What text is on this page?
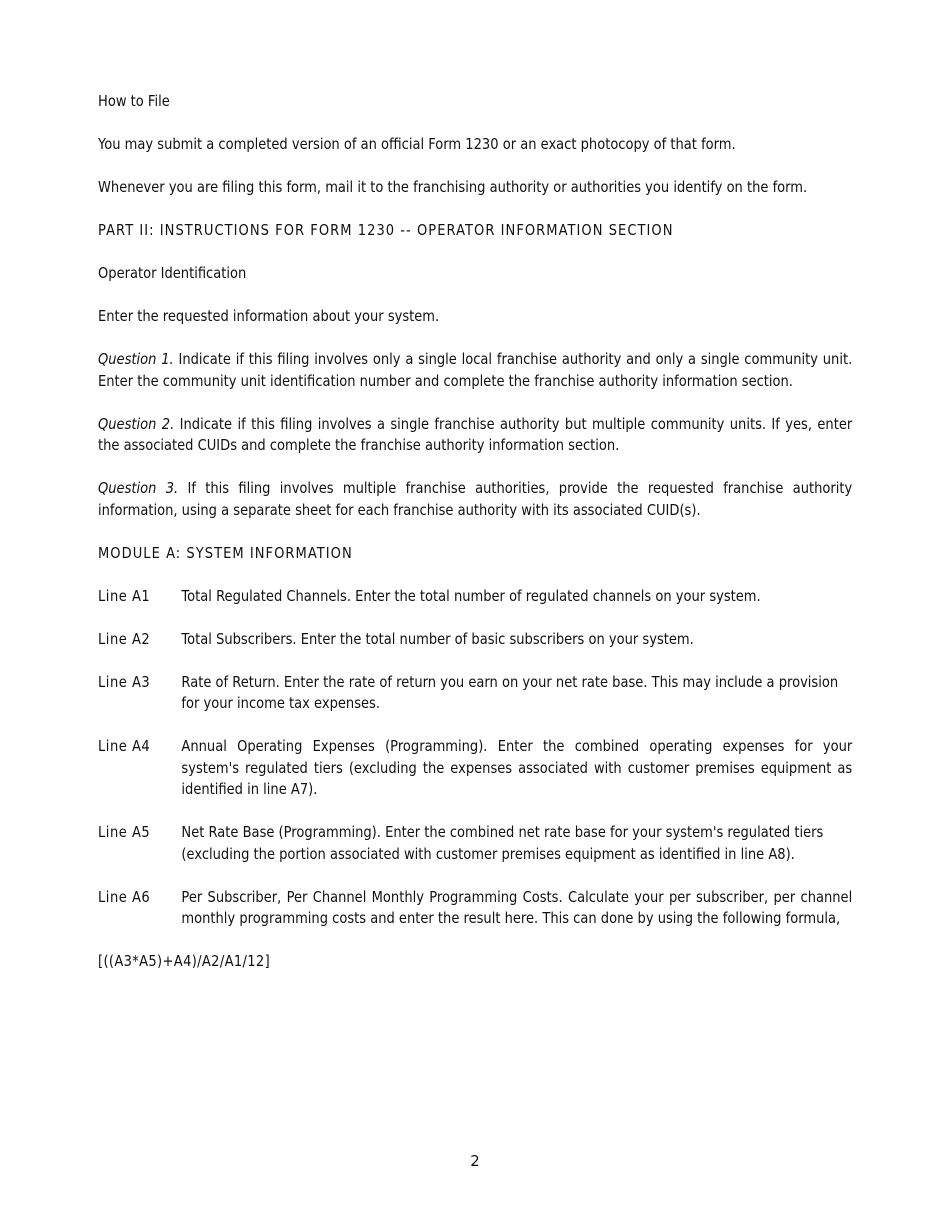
How to File

You may submit a completed version of an official Form 1230 or an exact photocopy of that form.

Whenever you are filing this form, mail it to the franchising authority or authorities you identify on the form.

PART II: INSTRUCTIONS FOR FORM 1230 -- OPERATOR INFORMATION SECTION

Operator Identification

Enter the requested information about your system.

Question 1. Indicate if this filing involves only a single local franchise authority and only a single community unit. Enter the community unit identification number and complete the franchise authority information section.

Question 2. Indicate if this filing involves a single franchise authority but multiple community units. If yes, enter the associated CUIDs and complete the franchise authority information section.

Question 3. If this filing involves multiple franchise authorities, provide the requested franchise authority information, using a separate sheet for each franchise authority with its associated CUID(s).

MODULE A: SYSTEM INFORMATION

Line A1	Total Regulated Channels. Enter the total number of regulated channels on your system.
Line A2	Total Subscribers. Enter the total number of basic subscribers on your system.
Line A3	Rate of Return. Enter the rate of return you earn on your net rate base. This may include a provision for your income tax expenses.
Line A4	Annual Operating Expenses (Programming). Enter the combined operating expenses for your system's regulated tiers (excluding the expenses associated with customer premises equipment as identified in line A7).
Line A5	Net Rate Base (Programming). Enter the combined net rate base for your system's regulated tiers (excluding the portion associated with customer premises equipment as identified in line A8).
Line A6	Per Subscriber, Per Channel Monthly Programming Costs. Calculate your per subscriber, per channel monthly programming costs and enter the result here. This can done by using the following formula,

[((A3*A5)+A4)/A2/A1/12]

2
